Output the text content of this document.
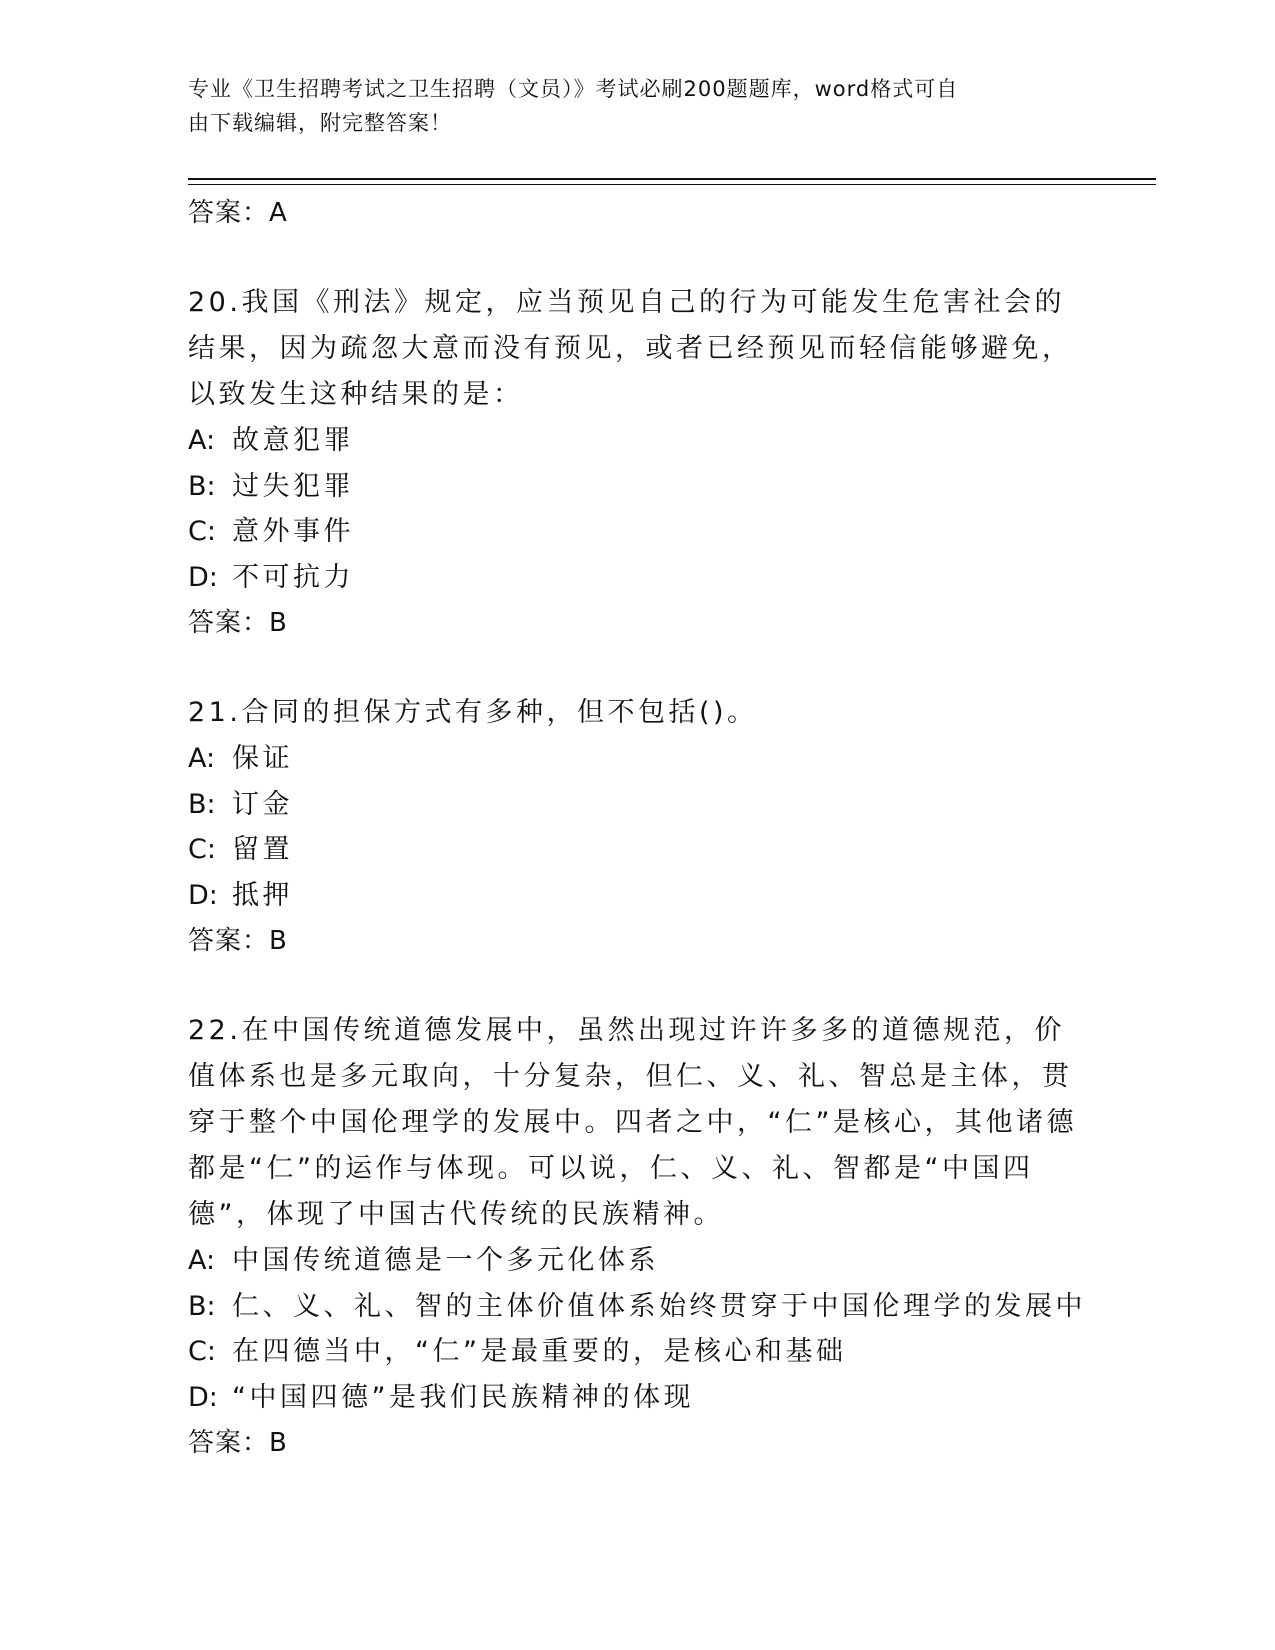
专业《卫生招聘考试之卫生招聘（文员）》考试必刷200题题库，word格式可自
由下载编辑，附完整答案！
答案：A
20.我国《刑法》规定，应当预见自己的行为可能发生危害社会的结果，因为疏忽大意而没有预见，或者已经预见而轻信能够避免，以致发生这种结果的是：
A: 故意犯罪
B: 过失犯罪
C: 意外事件
D: 不可抗力
答案：B
21.合同的担保方式有多种，但不包括()。
A: 保证
B: 订金
C: 留置
D: 抵押
答案：B
22.在中国传统道德发展中，虽然出现过许许多多的道德规范，价值体系也是多元取向，十分复杂，但仁、义、礼、智总是主体，贯穿于整个中国伦理学的发展中。四者之中，“仁”是核心，其他诸德都是“仁”的运作与体现。可以说，仁、义、礼、智都是“中国四德”，体现了中国古代传统的民族精神。
A: 中国传统道德是一个多元化体系
B: 仁、义、礼、智的主体价值体系始终贯穿于中国伦理学的发展中
C: 在四德当中，“仁”是最重要的，是核心和基础
D: “中国四德”是我们民族精神的体现
答案：B
